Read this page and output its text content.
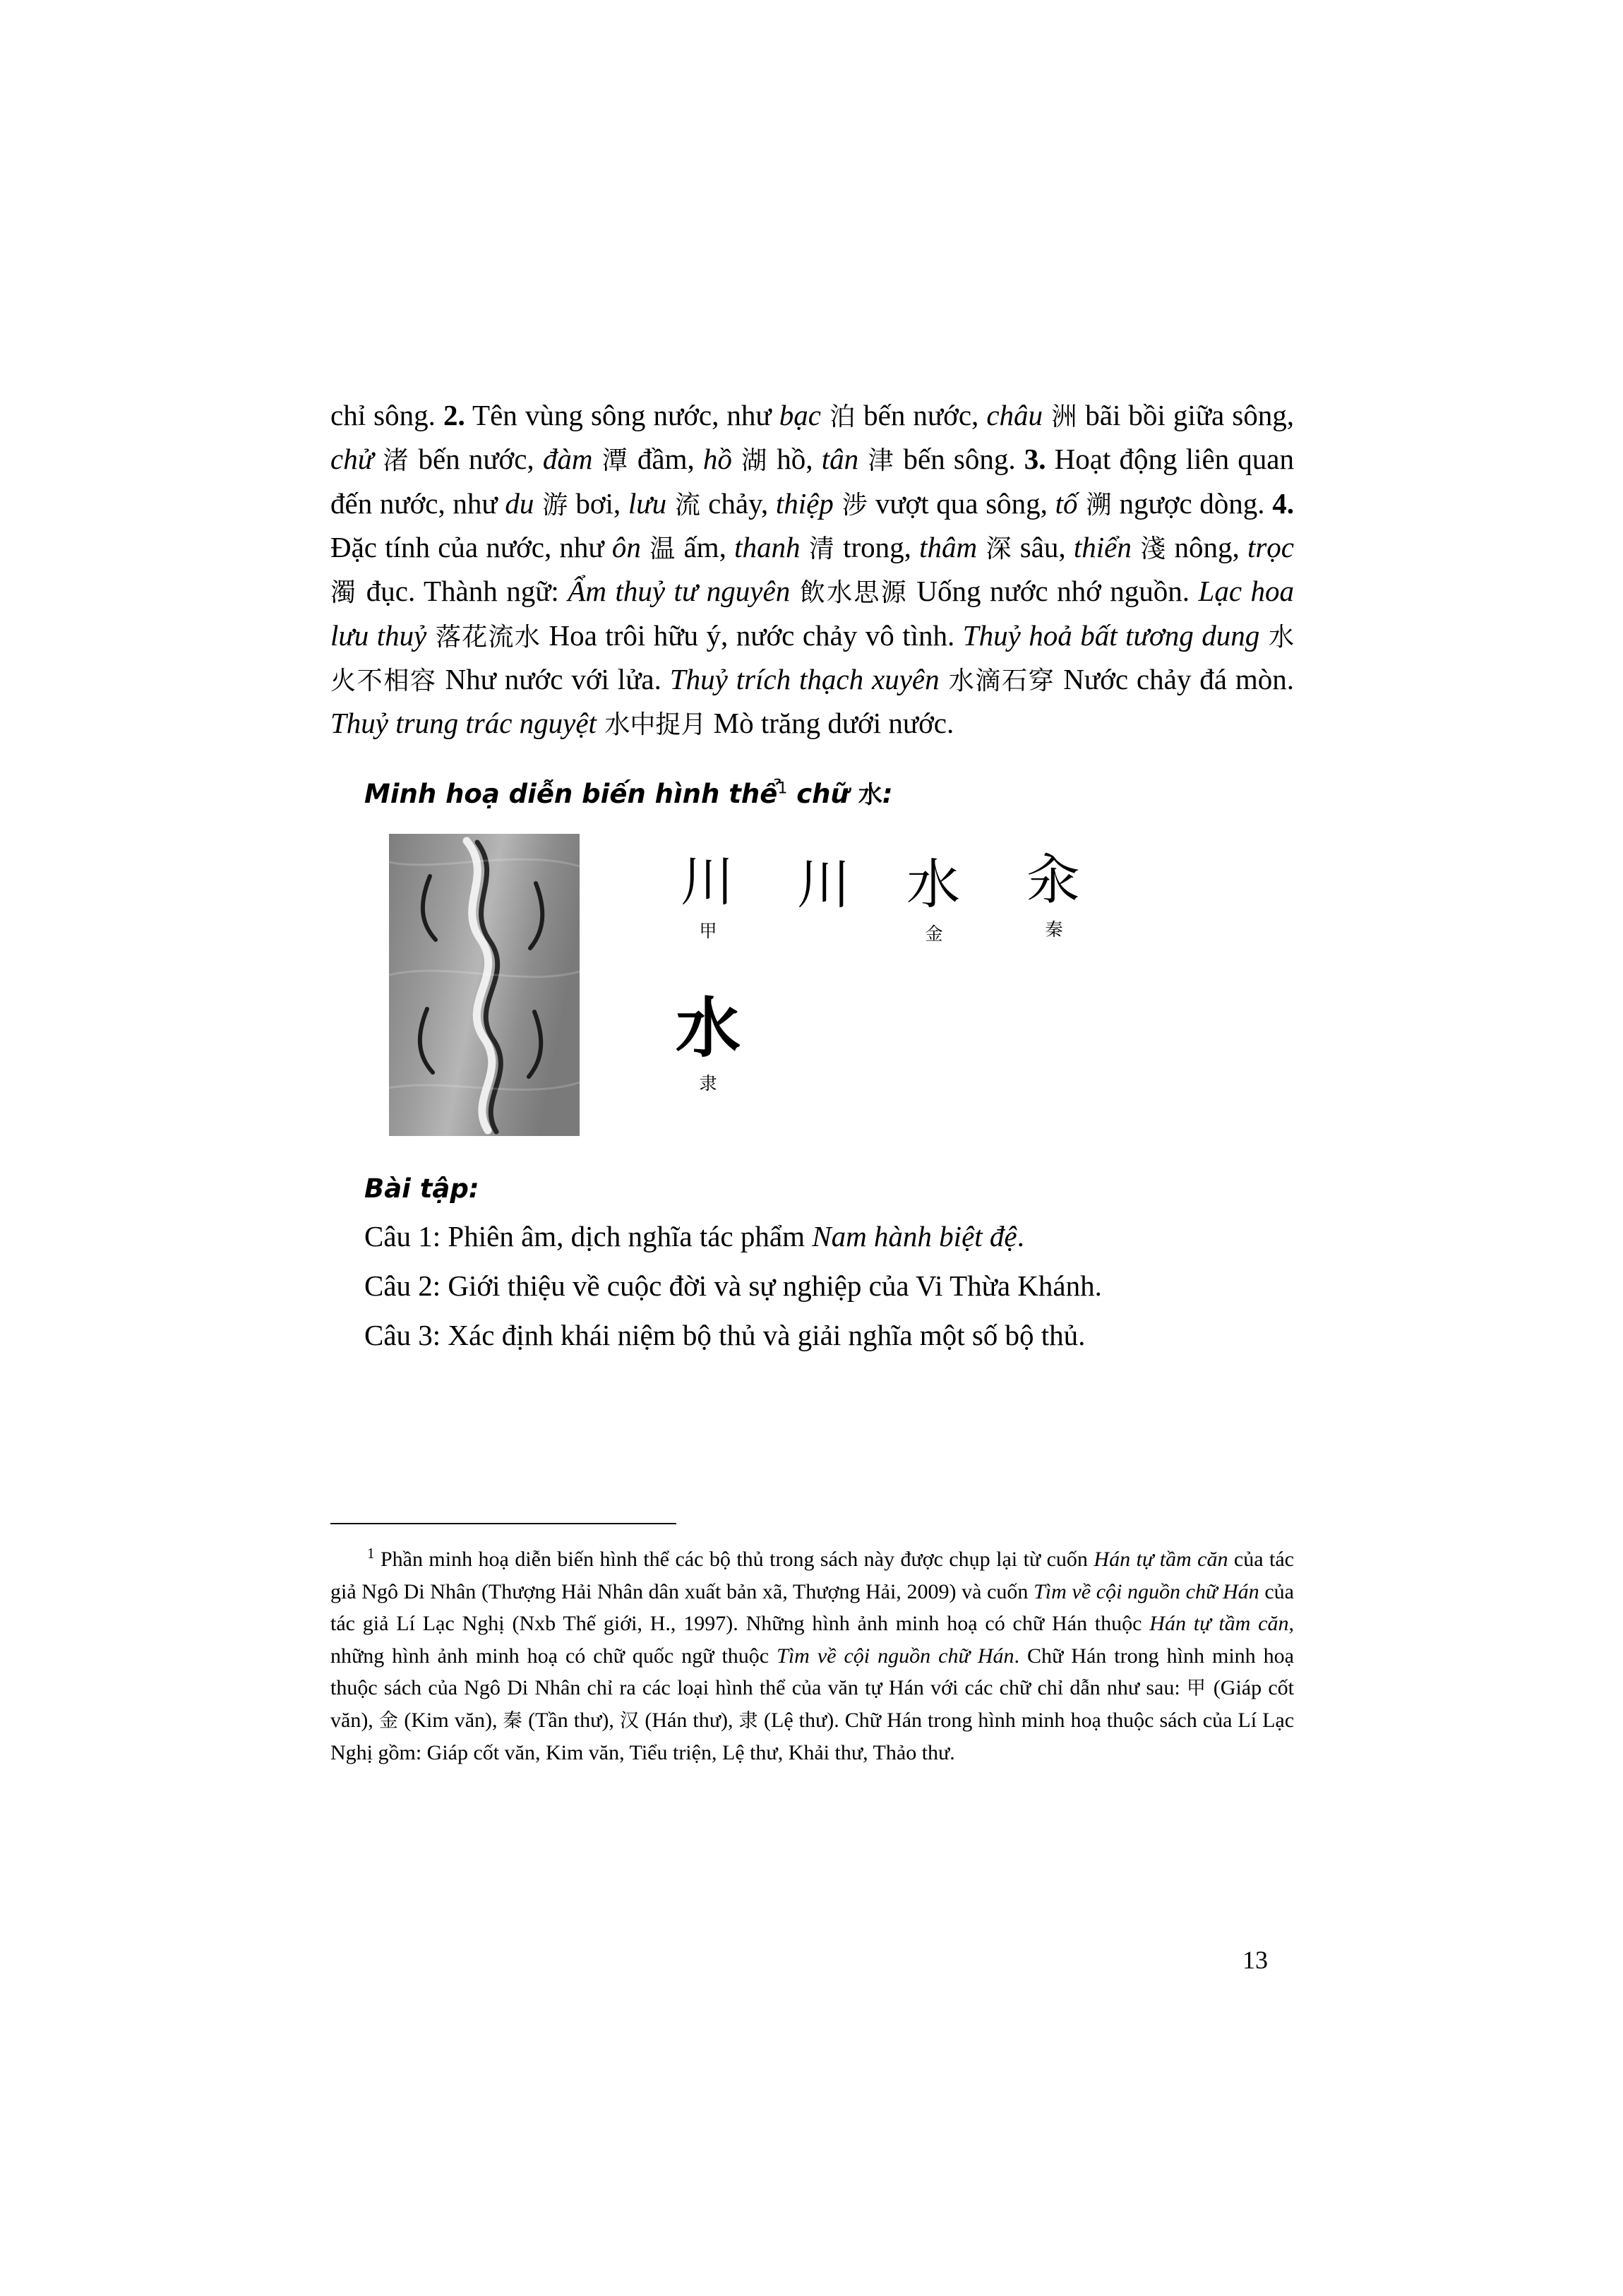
chỉ sông. 2. Tên vùng sông nước, như bạc 泊 bến nước, châu 洲 bãi bồi giữa sông, chử 渚 bến nước, đàm 潭 đầm, hồ 湖 hồ, tân 津 bến sông. 3. Hoạt động liên quan đến nước, như du 游 bơi, lưu 流 chảy, thiệp 涉 vượt qua sông, tố 溯 ngược dòng. 4. Đặc tính của nước, như ôn 温 ấm, thanh 清 trong, thâm 深 sâu, thiển 淺 nông, trọc 濁 đục. Thành ngữ: Ẩm thuỷ tư nguyên 飲水思源 Uống nước nhớ nguồn. Lạc hoa lưu thuỷ 落花流水 Hoa trôi hữu ý, nước chảy vô tình. Thuỷ hoả bất tương dung 水火不相容 Như nước với lửa. Thuỷ trích thạch xuyên 水滴石穿 Nước chảy đá mòn. Thuỷ trung trác nguyệt 水中捉月 Mò trăng dưới nước.

Minh hoạ diễn biến hình thể$^1$ chữ 水:
川
甲
川	水
金
汆
秦
水
隶
Bài tập:
Câu 1: Phiên âm, dịch nghĩa tác phẩm Nam hành biệt đệ.
Câu 2: Giới thiệu về cuộc đời và sự nghiệp của Vi Thừa Khánh.
Câu 3: Xác định khái niệm bộ thủ và giải nghĩa một số bộ thủ.
$^1$ Phần minh hoạ diễn biến hình thể các bộ thủ trong sách này được chụp lại từ cuốn Hán tự tầm căn của tác giả Ngô Di Nhân (Thượng Hải Nhân dân xuất bản xã, Thượng Hải, 2009) và cuốn Tìm về cội nguồn chữ Hán của tác giả Lí Lạc Nghị (Nxb Thế giới, H., 1997). Những hình ảnh minh hoạ có chữ Hán thuộc Hán tự tầm căn, những hình ảnh minh hoạ có chữ quốc ngữ thuộc Tìm về cội nguồn chữ Hán. Chữ Hán trong hình minh hoạ thuộc sách của Ngô Di Nhân chỉ ra các loại hình thể của văn tự Hán với các chữ chỉ dẫn như sau: 甲 (Giáp cốt văn), 金 (Kim văn), 秦 (Tần thư), 汉 (Hán thư), 隶 (Lệ thư). Chữ Hán trong hình minh hoạ thuộc sách của Lí Lạc Nghị gồm: Giáp cốt văn, Kim văn, Tiểu triện, Lệ thư, Khải thư, Thảo thư.
13
